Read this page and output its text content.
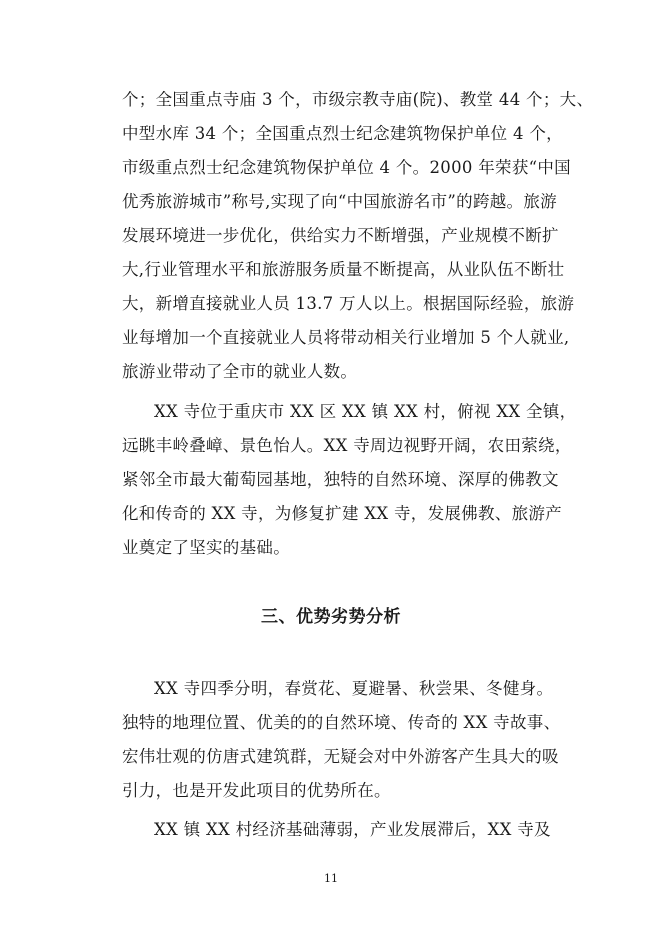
个；全国重点寺庙 3 个，市级宗教寺庙(院)、教堂 44 个；大、
中型水库 34 个；全国重点烈士纪念建筑物保护单位 4 个，
市级重点烈士纪念建筑物保护单位 4 个。2000 年荣获“中国
优秀旅游城市”称号,实现了向“中国旅游名市”的跨越。旅游
发展环境进一步优化，供给实力不断增强，产业规模不断扩
大,行业管理水平和旅游服务质量不断提高，从业队伍不断壮
大，新增直接就业人员 13.7 万人以上。根据国际经验，旅游
业每增加一个直接就业人员将带动相关行业增加 5 个人就业,
旅游业带动了全市的就业人数。
XX 寺位于重庆市 XX 区 XX 镇 XX 村，俯视 XX 全镇，
远眺丰岭叠嶂、景色怡人。XX 寺周边视野开阔，农田萦绕，
紧邻全市最大葡萄园基地，独特的自然环境、深厚的佛教文
化和传奇的 XX 寺，为修复扩建 XX 寺，发展佛教、旅游产
业奠定了坚实的基础。
三、优势劣势分析
XX 寺四季分明，春赏花、夏避暑、秋尝果、冬健身。
独特的地理位置、优美的的自然环境、传奇的 XX 寺故事、
宏伟壮观的仿唐式建筑群，无疑会对中外游客产生具大的吸
引力，也是开发此项目的优势所在。
XX 镇 XX 村经济基础薄弱，产业发展滞后，XX 寺及
11
